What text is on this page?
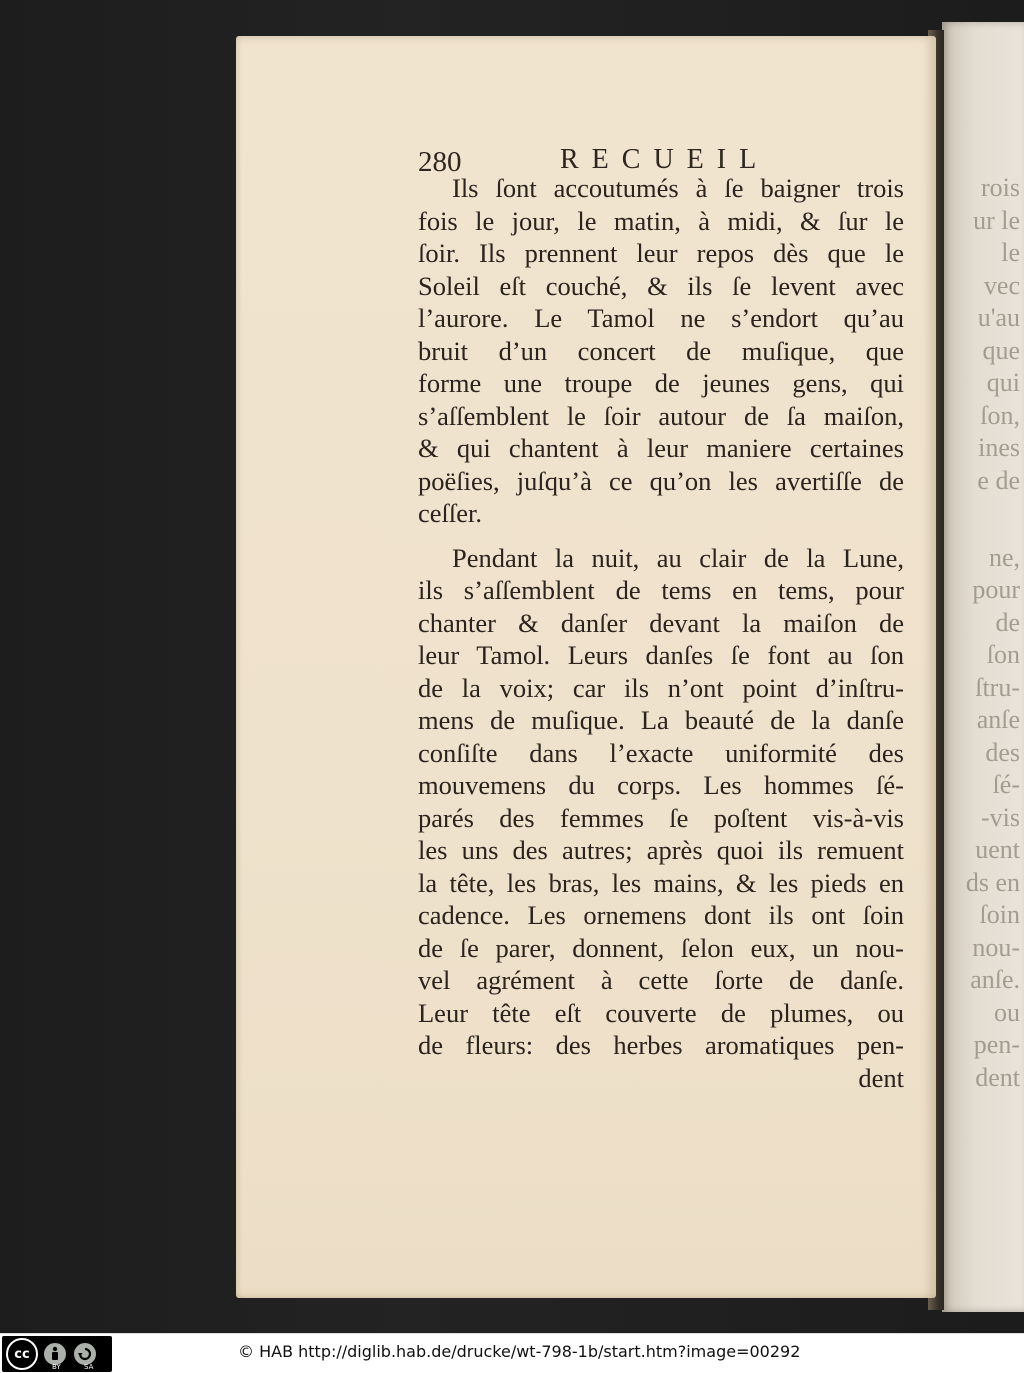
rois
ur le
le
vec
u'au
que
qui
ſon,
ines
e de
ne,
pour
de
ſon
ſtru-
anſe
des
ſé-
-vis
uent
ds en
ſoin
nou-
anſe.
ou
pen-
dent
280	RECUEIL
Ils ſont accoutumés à ſe baigner trois
fois le jour, le matin, à midi, & ſur le
ſoir. Ils prennent leur repos dès que le
Soleil eſt couché, & ils ſe levent avec
l’aurore. Le Tamol ne s’endort qu’au
bruit d’un concert de muſique, que
forme une troupe de jeunes gens, qui
s’aſſemblent le ſoir autour de ſa maiſon,
& qui chantent à leur maniere certaines
poëſies, juſqu’à ce qu’on les avertiſſe de
ceſſer.
Pendant la nuit, au clair de la Lune,
ils s’aſſemblent de tems en tems, pour
chanter & danſer devant la maiſon de
leur Tamol. Leurs danſes ſe font au ſon
de la voix; car ils n’ont point d’inſtru-
mens de muſique. La beauté de la danſe
conſiſte dans l’exacte uniformité des
mouvemens du corps. Les hommes ſé-
parés des femmes ſe poſtent vis-à-vis
les uns des autres; après quoi ils remuent
la tête, les bras, les mains, & les pieds en
cadence. Les ornemens dont ils ont ſoin
de ſe parer, donnent, ſelon eux, un nou-
vel agrément à cette ſorte de danſe.
Leur tête eſt couverte de plumes, ou
de fleurs: des herbes aromatiques pen-
dent
cc
BY	SA
© HAB http://diglib.hab.de/drucke/wt-798-1b/start.htm?image=00292
